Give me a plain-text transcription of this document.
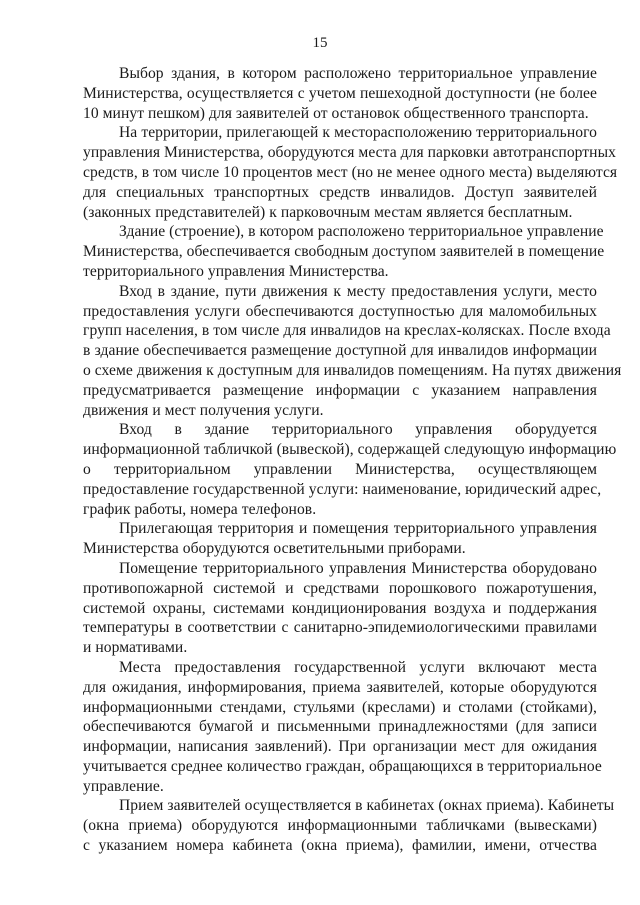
15

Выбор здания, в котором расположено территориальное управление
Министерства, осуществляется с учетом пешеходной доступности (не более
10 минут пешком) для заявителей от остановок общественного транспорта.

На территории, прилегающей к месторасположению территориального
управления Министерства, оборудуются места для парковки автотранспортных
средств, в том числе 10 процентов мест (но не менее одного места) выделяются
для специальных транспортных средств инвалидов. Доступ заявителей
(законных представителей) к парковочным местам является бесплатным.

Здание (строение), в котором расположено территориальное управление
Министерства, обеспечивается свободным доступом заявителей в помещение
территориального управления Министерства.

Вход в здание, пути движения к месту предоставления услуги, место
предоставления услуги обеспечиваются доступностью для маломобильных
групп населения, в том числе для инвалидов на креслах-колясках. После входа
в здание обеспечивается размещение доступной для инвалидов информации
о схеме движения к доступным для инвалидов помещениям. На путях движения
предусматривается размещение информации с указанием направления
движения и мест получения услуги.

Вход в здание территориального управления оборудуется
информационной табличкой (вывеской), содержащей следующую информацию
о территориальном управлении Министерства, осуществляющем
предоставление государственной услуги: наименование, юридический адрес,
график работы, номера телефонов.

Прилегающая территория и помещения территориального управления
Министерства оборудуются осветительными приборами.

Помещение территориального управления Министерства оборудовано
противопожарной системой и средствами порошкового пожаротушения,
системой охраны, системами кондиционирования воздуха и поддержания
температуры в соответствии с санитарно-эпидемиологическими правилами
и нормативами.

Места предоставления государственной услуги включают места
для ожидания, информирования, приема заявителей, которые оборудуются
информационными стендами, стульями (креслами) и столами (стойками),
обеспечиваются бумагой и письменными принадлежностями (для записи
информации, написания заявлений). При организации мест для ожидания
учитывается среднее количество граждан, обращающихся в территориальное
управление.

Прием заявителей осуществляется в кабинетах (окнах приема). Кабинеты
(окна приема) оборудуются информационными табличками (вывесками)
с указанием номера кабинета (окна приема), фамилии, имени, отчества
